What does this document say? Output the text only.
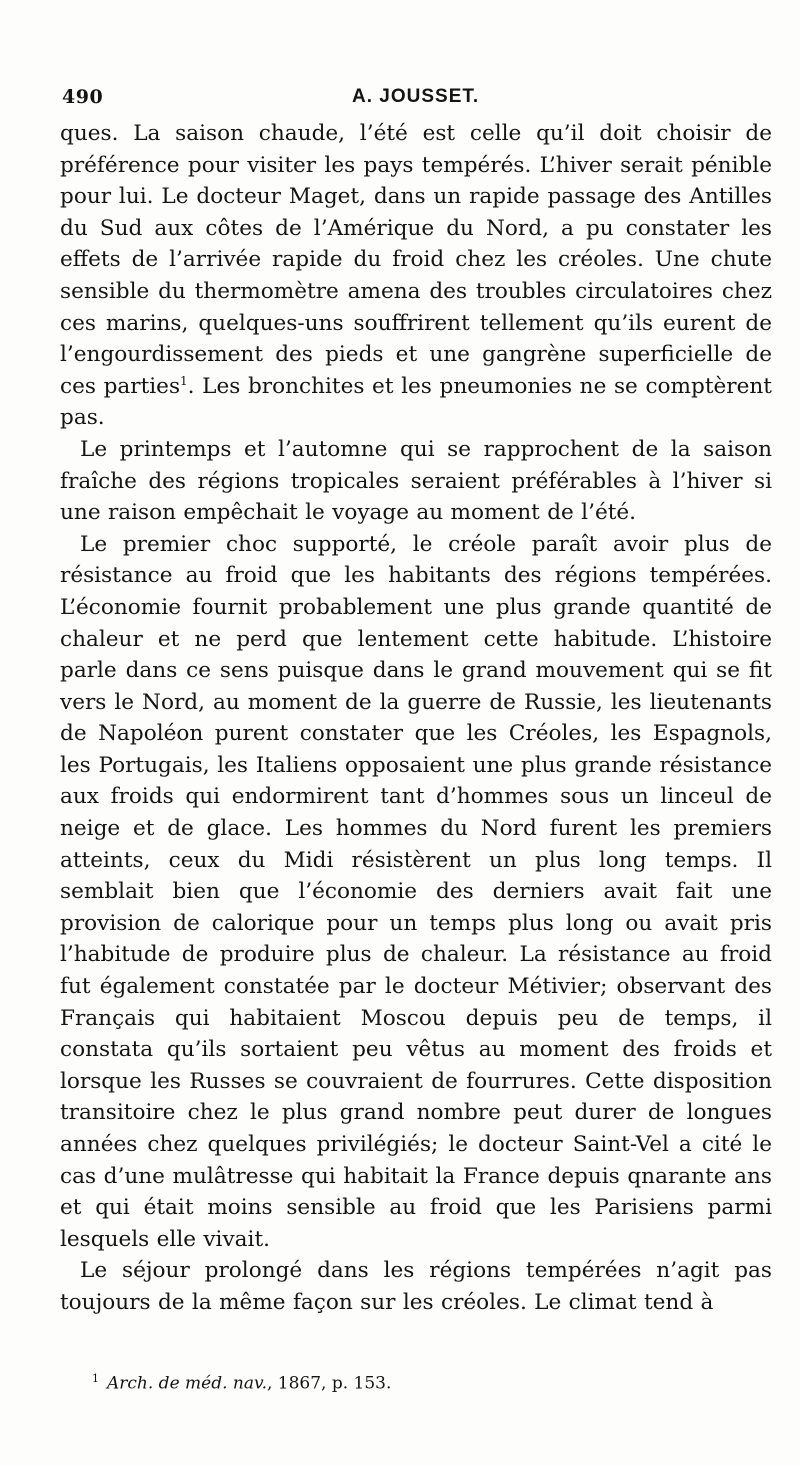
490	A. JOUSSET.

ques. La saison chaude, l’été est celle qu’il doit choisir de préférence pour visiter les pays tempérés. L’hiver serait pénible pour lui. Le docteur Maget, dans un rapide passage des Antilles du Sud aux côtes de l’Amérique du Nord, a pu constater les effets de l’arrivée rapide du froid chez les créoles. Une chute sensible du thermomètre amena des troubles circulatoires chez ces marins, quelques-uns souffrirent tellement qu’ils eurent de l’engourdissement des pieds et une gangrène superficielle de ces parties$^1$. Les bronchites et les pneumonies ne se comptèrent pas.

Le printemps et l’automne qui se rapprochent de la saison fraîche des régions tropicales seraient préférables à l’hiver si une raison empêchait le voyage au moment de l’été.

Le premier choc supporté, le créole paraît avoir plus de résistance au froid que les habitants des régions tempérées. L’économie fournit probablement une plus grande quantité de chaleur et ne perd que lentement cette habitude. L’histoire parle dans ce sens puisque dans le grand mouvement qui se fit vers le Nord, au moment de la guerre de Russie, les lieutenants de Napoléon purent constater que les Créoles, les Espagnols, les Portugais, les Italiens opposaient une plus grande résistance aux froids qui endormirent tant d’hommes sous un linceul de neige et de glace. Les hommes du Nord furent les premiers atteints, ceux du Midi résistèrent un plus long temps. Il semblait bien que l’économie des derniers avait fait une provision de calorique pour un temps plus long ou avait pris l’habitude de produire plus de chaleur. La résistance au froid fut également constatée par le docteur Métivier; observant des Français qui habitaient Moscou depuis peu de temps, il constata qu’ils sortaient peu vêtus au moment des froids et lorsque les Russes se couvraient de fourrures. Cette disposition transitoire chez le plus grand nombre peut durer de longues années chez quelques privilégiés; le docteur Saint-Vel a cité le cas d’une mulâtresse qui habitait la France depuis qnarante ans et qui était moins sensible au froid que les Parisiens parmi lesquels elle vivait.

Le séjour prolongé dans les régions tempérées n’agit pas toujours de la même façon sur les créoles. Le climat tend à

$^1$ Arch. de méd. nav., 1867, p. 153.
